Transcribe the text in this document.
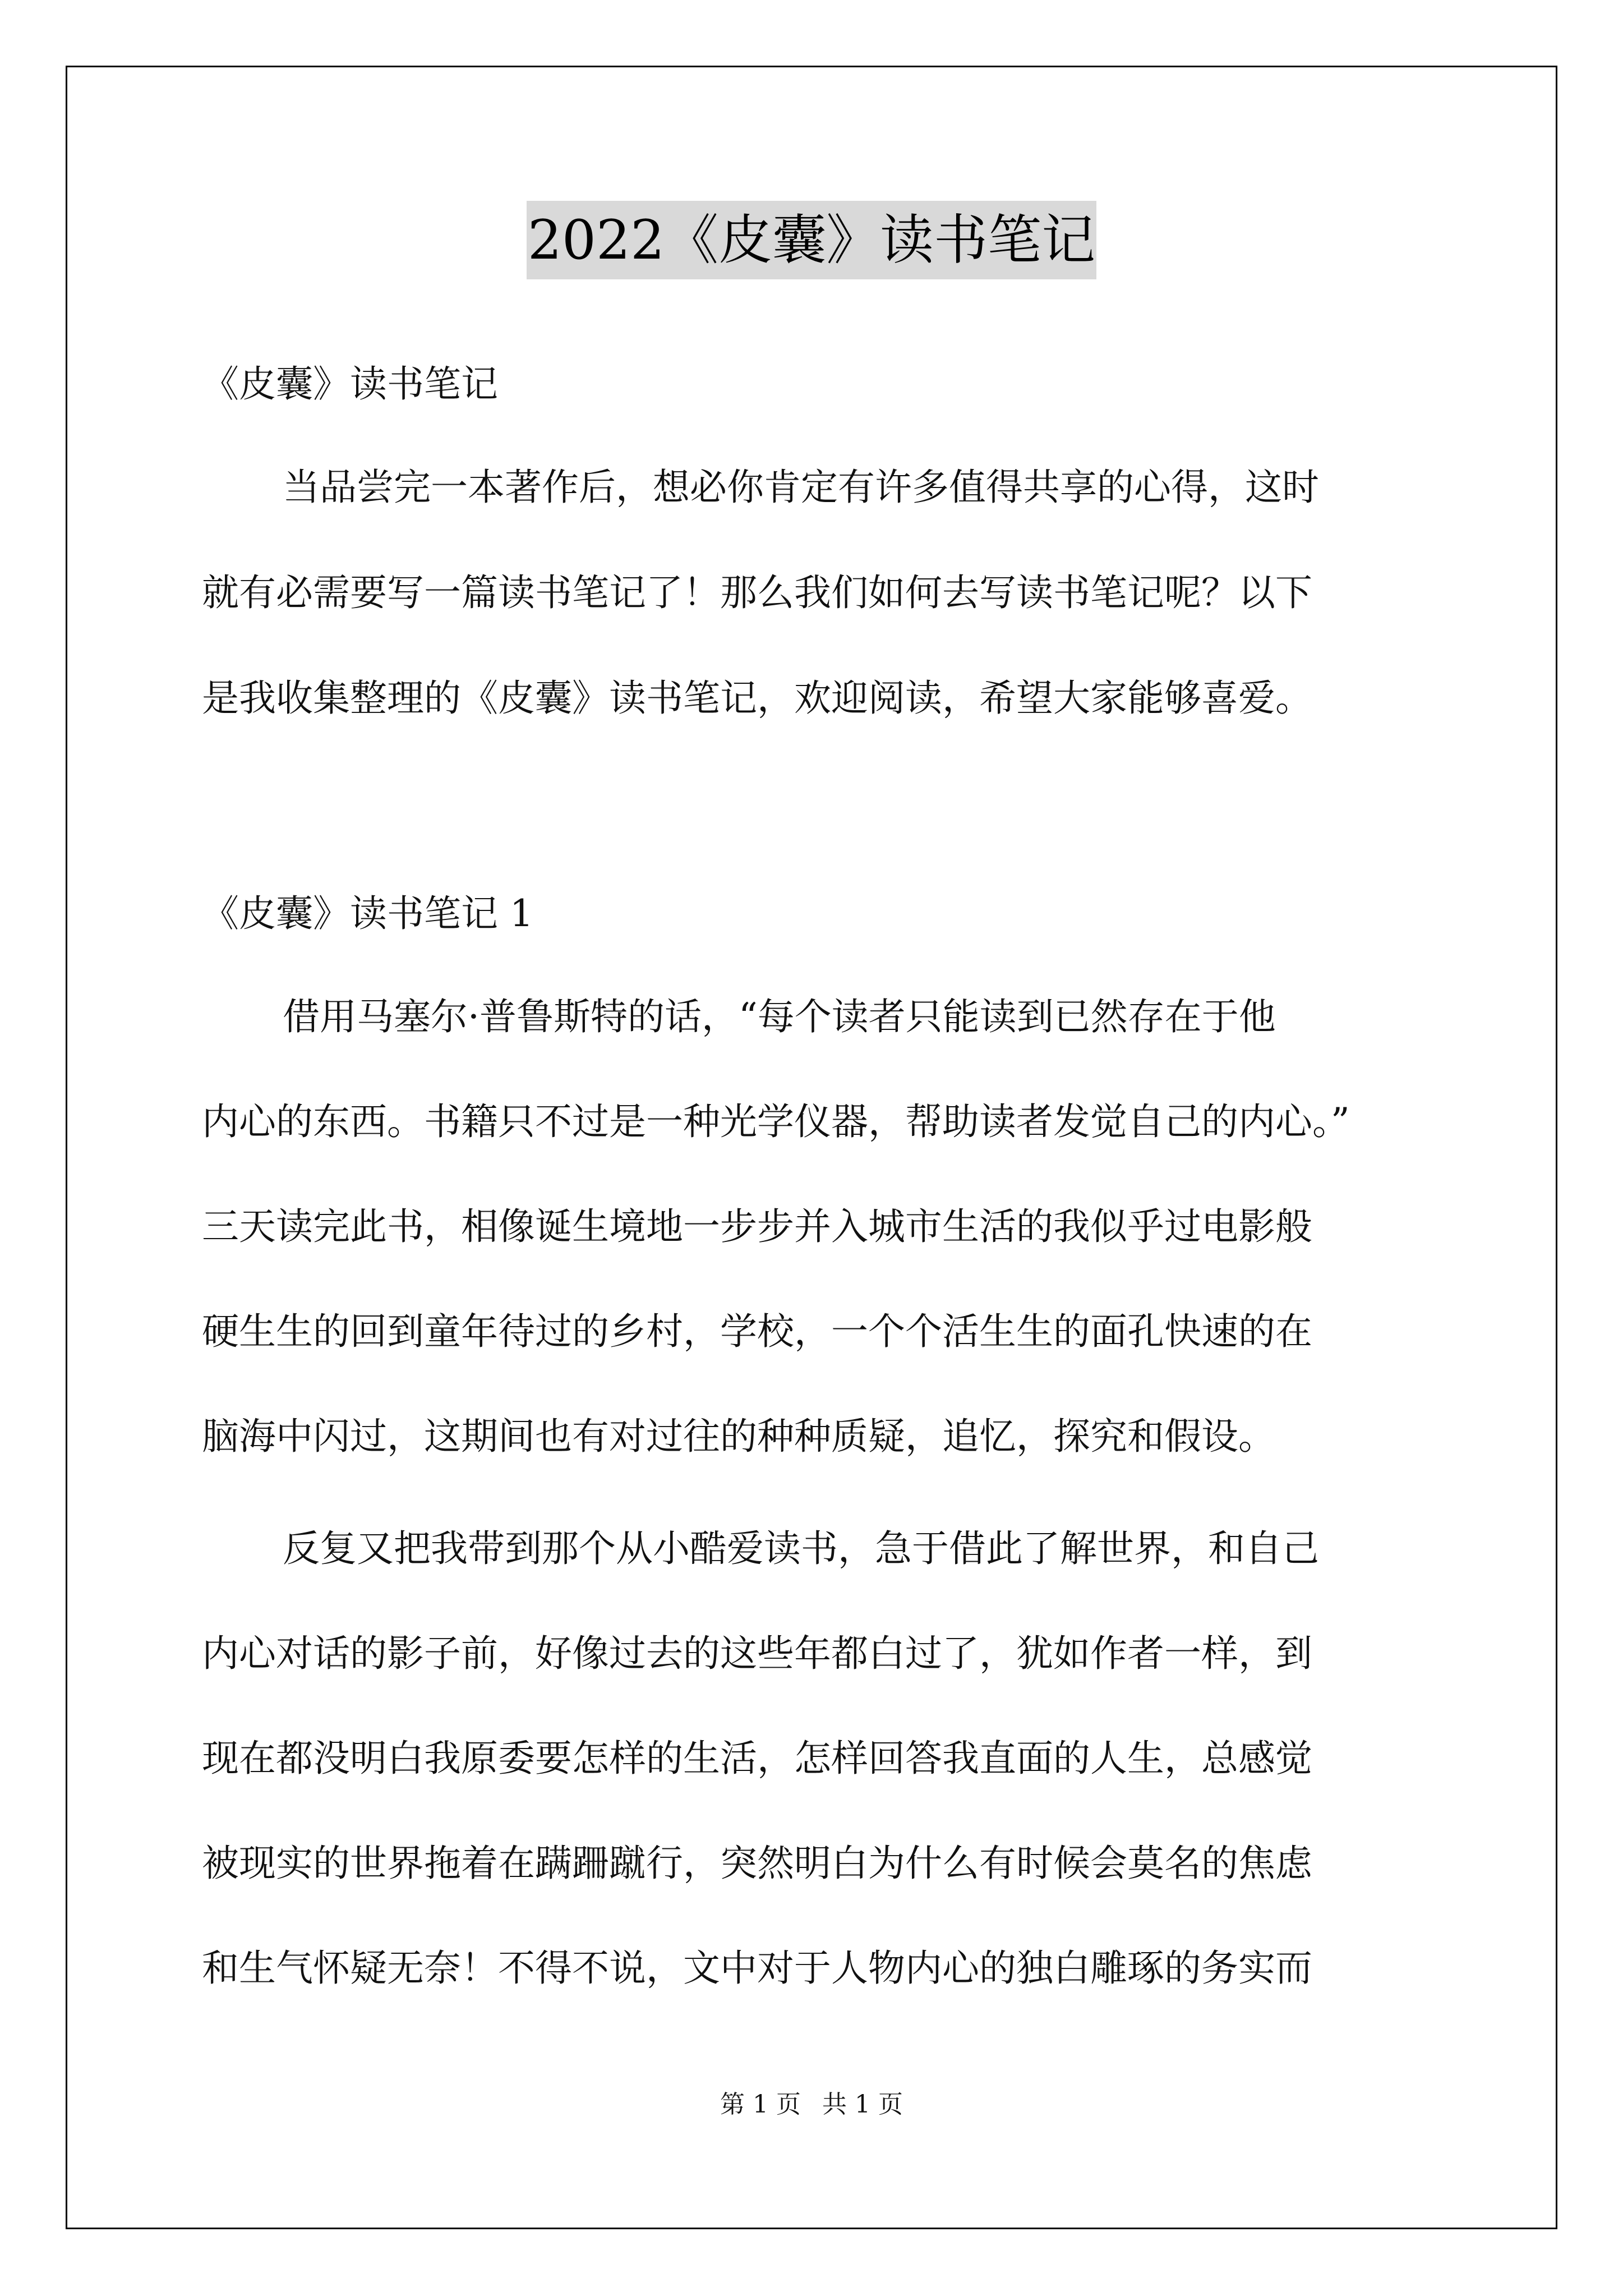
2022《皮囊》读书笔记
《皮囊》读书笔记
当品尝完一本著作后，想必你肯定有许多值得共享的心得，这时
就有必需要写一篇读书笔记了！那么我们如何去写读书笔记呢？以下
是我收集整理的《皮囊》读书笔记，欢迎阅读，希望大家能够喜爱。
《皮囊》读书笔记 1
借用马塞尔·普鲁斯特的话，“每个读者只能读到已然存在于他
内心的东西。书籍只不过是一种光学仪器，帮助读者发觉自己的内心。”
三天读完此书，相像诞生境地一步步并入城市生活的我似乎过电影般
硬生生的回到童年待过的乡村，学校，一个个活生生的面孔快速的在
脑海中闪过，这期间也有对过往的种种质疑，追忆，探究和假设。
反复又把我带到那个从小酷爱读书，急于借此了解世界，和自己
内心对话的影子前，好像过去的这些年都白过了，犹如作者一样，到
现在都没明白我原委要怎样的生活，怎样回答我直面的人生，总感觉
被现实的世界拖着在蹒跚蹴行，突然明白为什么有时候会莫名的焦虑
和生气怀疑无奈！不得不说，文中对于人物内心的独白雕琢的务实而
第 1 页 共 1 页
